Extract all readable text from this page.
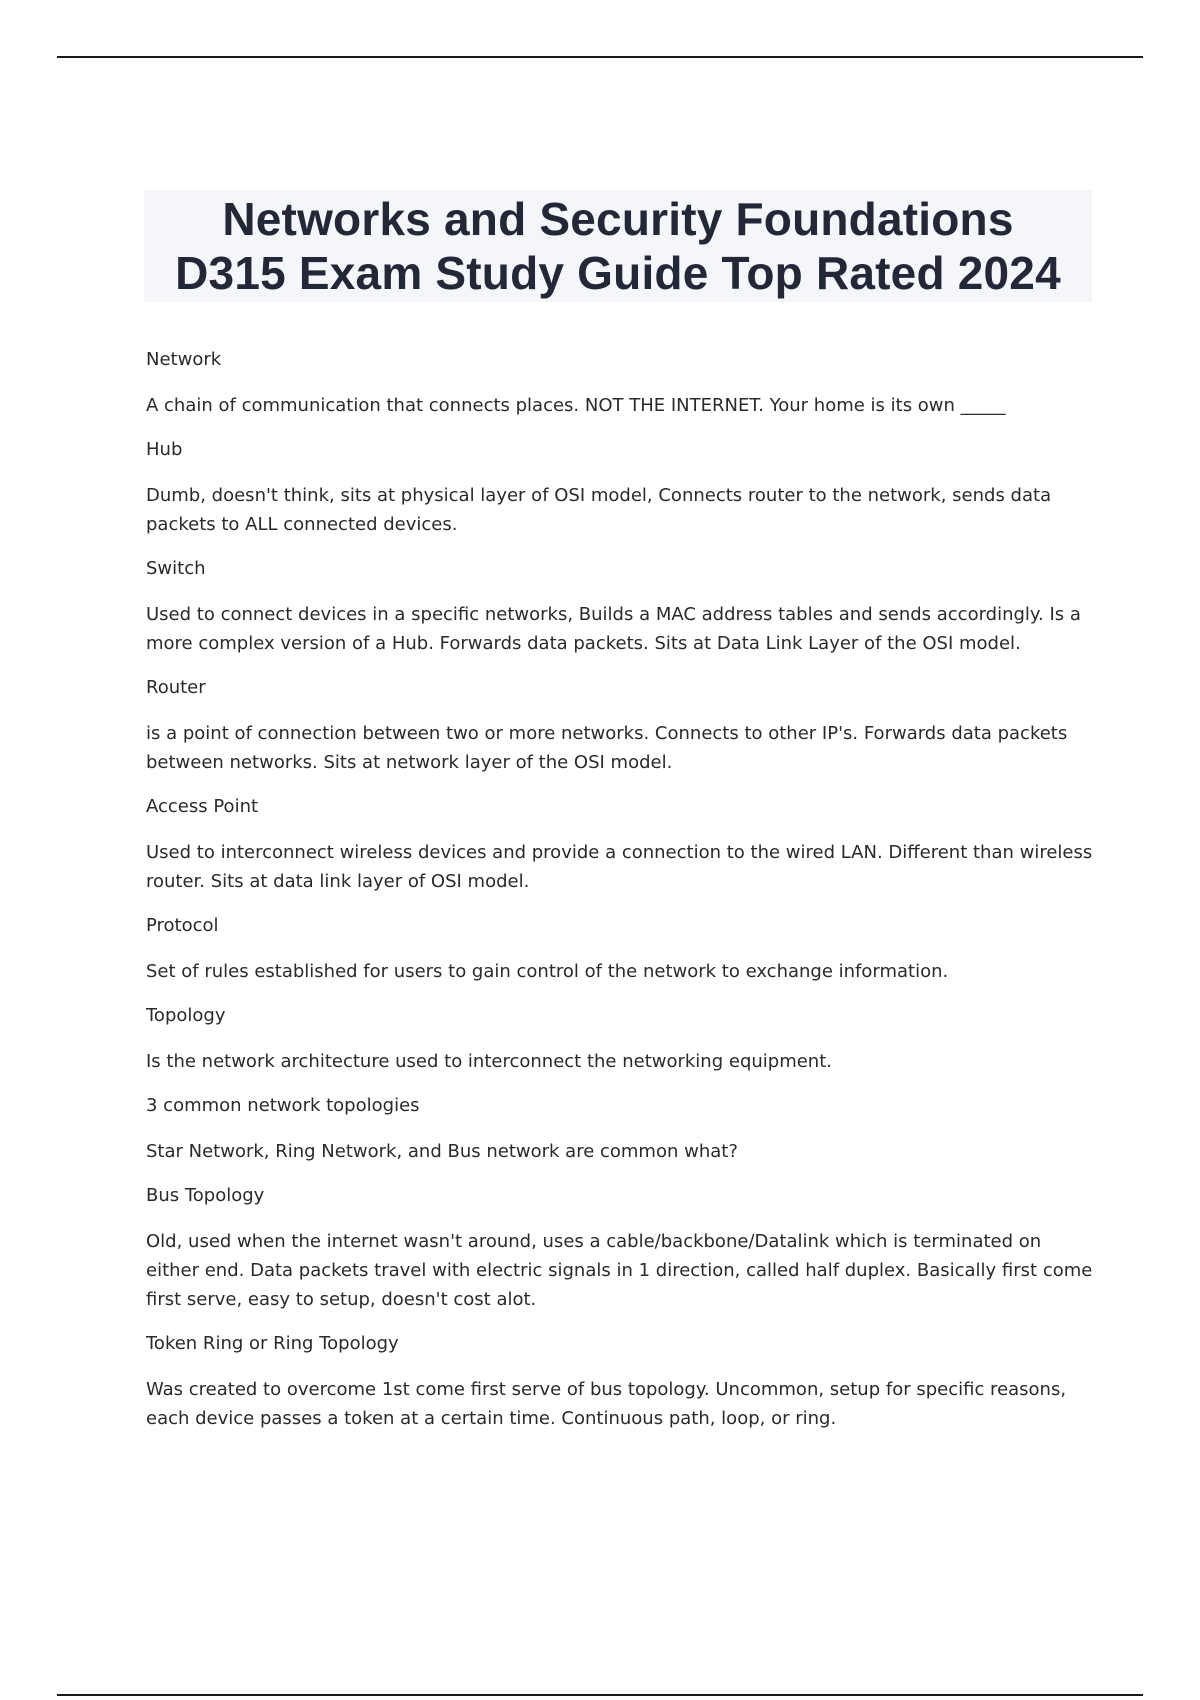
Networks and Security Foundations
D315 Exam Study Guide Top Rated 2024

Network

A chain of communication that connects places. NOT THE INTERNET. Your home is its own _____

Hub

Dumb, doesn't think, sits at physical layer of OSI model, Connects router to the network, sends data packets to ALL connected devices.

Switch

Used to connect devices in a specific networks, Builds a MAC address tables and sends accordingly. Is a more complex version of a Hub. Forwards data packets. Sits at Data Link Layer of the OSI model.

Router

is a point of connection between two or more networks. Connects to other IP's. Forwards data packets between networks. Sits at network layer of the OSI model.

Access Point

Used to interconnect wireless devices and provide a connection to the wired LAN. Different than wireless router. Sits at data link layer of OSI model.

Protocol

Set of rules established for users to gain control of the network to exchange information.

Topology

Is the network architecture used to interconnect the networking equipment.

3 common network topologies

Star Network, Ring Network, and Bus network are common what?

Bus Topology

Old, used when the internet wasn't around, uses a cable/backbone/Datalink which is terminated on either end. Data packets travel with electric signals in 1 direction, called half duplex. Basically first come first serve, easy to setup, doesn't cost alot.

Token Ring or Ring Topology

Was created to overcome 1st come first serve of bus topology. Uncommon, setup for specific reasons, each device passes a token at a certain time. Continuous path, loop, or ring.
